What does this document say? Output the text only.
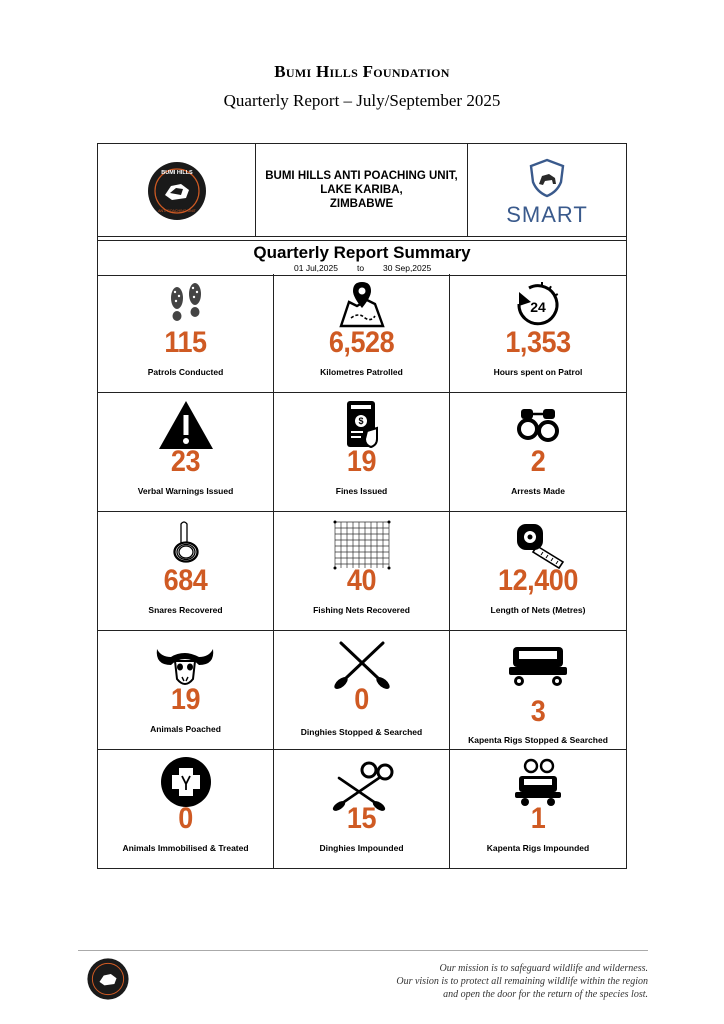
Bumi Hills Foundation
Quarterly Report – July/September 2025
BUMI HILLS
ANTI POACHING UNIT
BUMI HILLS ANTI POACHING UNIT,
LAKE KARIBA,
ZIMBABWE	SMART
Quarterly Report Summary
01 Jul,2025 to 30 Sep,2025
115
Patrols Conducted
6,528
Kilometres Patrolled
24
1,353
Hours spent on Patrol
23
Verbal Warnings Issued
$
19
Fines Issued
2
Arrests Made
684
Snares Recovered
40
Fishing Nets Recovered
12,400
Length of Nets (Metres)
19
Animals Poached
0
Dinghies Stopped & Searched
3
Kapenta Rigs Stopped & Searched
0
Animals Immobilised & Treated
15
Dinghies Impounded
1
Kapenta Rigs Impounded
Our mission is to safeguard wildlife and wilderness.
Our vision is to protect all remaining wildlife within the region
and open the door for the return of the species lost.
